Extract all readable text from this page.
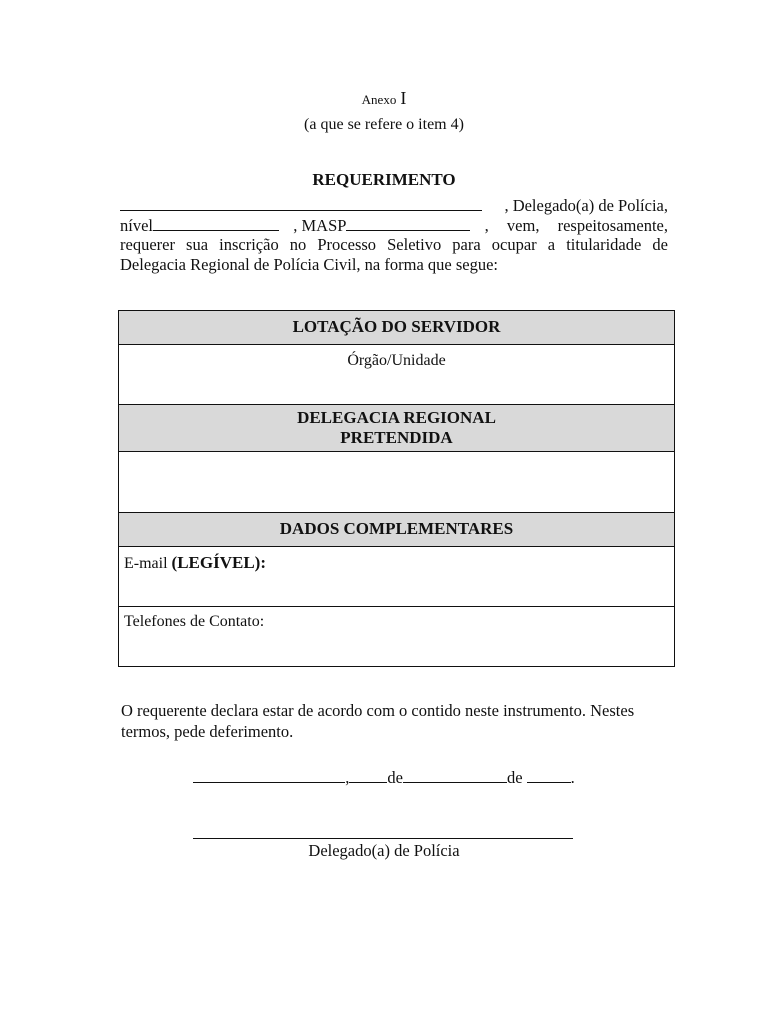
Anexo I
(a que se refere o item 4)
REQUERIMENTO
, Delegado(a) de Polícia,
nível	, MASP	, vem, respeitosamente,
requerer sua inscrição no Processo Seletivo para ocupar a titularidade de
Delegacia Regional de Polícia Civil, na forma que segue:
LOTAÇÃO DO SERVIDOR
Órgão/Unidade
DELEGACIA REGIONAL
PRETENDIDA
DADOS COMPLEMENTARES
E-mail (LEGÍVEL):
Telefones de Contato:
O requerente declara estar de acordo com o contido neste instrumento. Nestes termos, pede deferimento.
, de	de	.
Delegado(a) de Polícia
